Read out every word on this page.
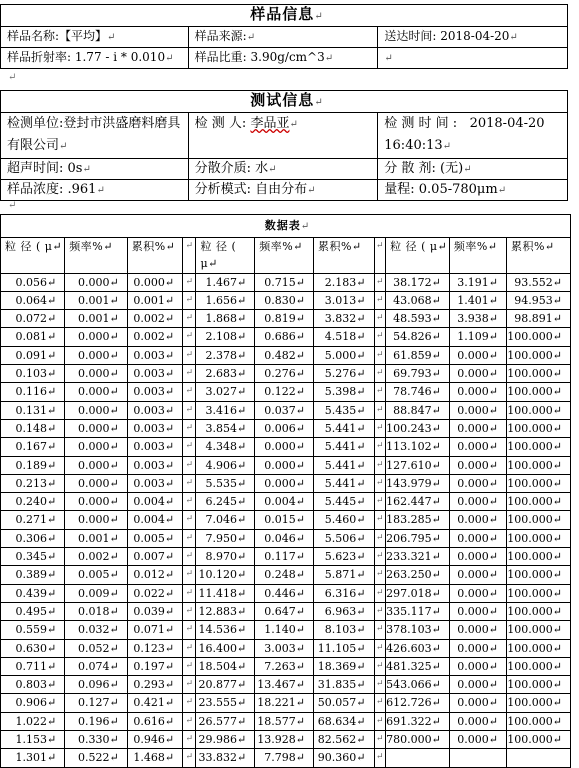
样品信息↵		
样品名称:【平均】↵	样品来源:↵	送达时间: 2018-04-20↵
样品折射率: 1.77 - i * 0.010↵	样品比重: 3.90g/cm^3↵	↵
↵
测试信息↵		
检测单位:登封市洪盛磨料磨具有限公司↵	检 测 人: 李品亚↵	检 测 时 间 : 2018-04-20
16:40:13↵
超声时间: 0s↵	分散介质: 水↵	分 散 剂: (无)↵
样品浓度: .961↵	分析模式: 自由分布↵	量程: 0.05-780μm↵
↵
数据表↵										
粒 径 ( μ↵	频率%↵	累积%↵	↵	粒 径 ( μ↵	频率%↵	累积%↵	↵	粒 径 ( μ↵	频率%↵	累积%↵
0.056↵	0.000↵	0.000↵	↵	1.467↵	0.715↵	2.183↵	↵	38.172↵	3.191↵	93.552↵
0.064↵	0.001↵	0.001↵	↵	1.656↵	0.830↵	3.013↵	↵	43.068↵	1.401↵	94.953↵
0.072↵	0.001↵	0.002↵	↵	1.868↵	0.819↵	3.832↵	↵	48.593↵	3.938↵	98.891↵
0.081↵	0.000↵	0.002↵	↵	2.108↵	0.686↵	4.518↵	↵	54.826↵	1.109↵	100.000↵
0.091↵	0.000↵	0.003↵	↵	2.378↵	0.482↵	5.000↵	↵	61.859↵	0.000↵	100.000↵
0.103↵	0.000↵	0.003↵	↵	2.683↵	0.276↵	5.276↵	↵	69.793↵	0.000↵	100.000↵
0.116↵	0.000↵	0.003↵	↵	3.027↵	0.122↵	5.398↵	↵	78.746↵	0.000↵	100.000↵
0.131↵	0.000↵	0.003↵	↵	3.416↵	0.037↵	5.435↵	↵	88.847↵	0.000↵	100.000↵
0.148↵	0.000↵	0.003↵	↵	3.854↵	0.006↵	5.441↵	↵	100.243↵	0.000↵	100.000↵
0.167↵	0.000↵	0.003↵	↵	4.348↵	0.000↵	5.441↵	↵	113.102↵	0.000↵	100.000↵
0.189↵	0.000↵	0.003↵	↵	4.906↵	0.000↵	5.441↵	↵	127.610↵	0.000↵	100.000↵
0.213↵	0.000↵	0.003↵	↵	5.535↵	0.000↵	5.441↵	↵	143.979↵	0.000↵	100.000↵
0.240↵	0.000↵	0.004↵	↵	6.245↵	0.004↵	5.445↵	↵	162.447↵	0.000↵	100.000↵
0.271↵	0.000↵	0.004↵	↵	7.046↵	0.015↵	5.460↵	↵	183.285↵	0.000↵	100.000↵
0.306↵	0.001↵	0.005↵	↵	7.950↵	0.046↵	5.506↵	↵	206.795↵	0.000↵	100.000↵
0.345↵	0.002↵	0.007↵	↵	8.970↵	0.117↵	5.623↵	↵	233.321↵	0.000↵	100.000↵
0.389↵	0.005↵	0.012↵	↵	10.120↵	0.248↵	5.871↵	↵	263.250↵	0.000↵	100.000↵
0.439↵	0.009↵	0.022↵	↵	11.418↵	0.446↵	6.316↵	↵	297.018↵	0.000↵	100.000↵
0.495↵	0.018↵	0.039↵	↵	12.883↵	0.647↵	6.963↵	↵	335.117↵	0.000↵	100.000↵
0.559↵	0.032↵	0.071↵	↵	14.536↵	1.140↵	8.103↵	↵	378.103↵	0.000↵	100.000↵
0.630↵	0.052↵	0.123↵	↵	16.400↵	3.003↵	11.105↵	↵	426.603↵	0.000↵	100.000↵
0.711↵	0.074↵	0.197↵	↵	18.504↵	7.263↵	18.369↵	↵	481.325↵	0.000↵	100.000↵
0.803↵	0.096↵	0.293↵	↵	20.877↵	13.467↵	31.835↵	↵	543.066↵	0.000↵	100.000↵
0.906↵	0.127↵	0.421↵	↵	23.555↵	18.221↵	50.057↵	↵	612.726↵	0.000↵	100.000↵
1.022↵	0.196↵	0.616↵	↵	26.577↵	18.577↵	68.634↵	↵	691.322↵	0.000↵	100.000↵
1.153↵	0.330↵	0.946↵	↵	29.986↵	13.928↵	82.562↵	↵	780.000↵	0.000↵	100.000↵
1.301↵	0.522↵	1.468↵	↵	33.832↵	7.798↵	90.360↵	↵			
